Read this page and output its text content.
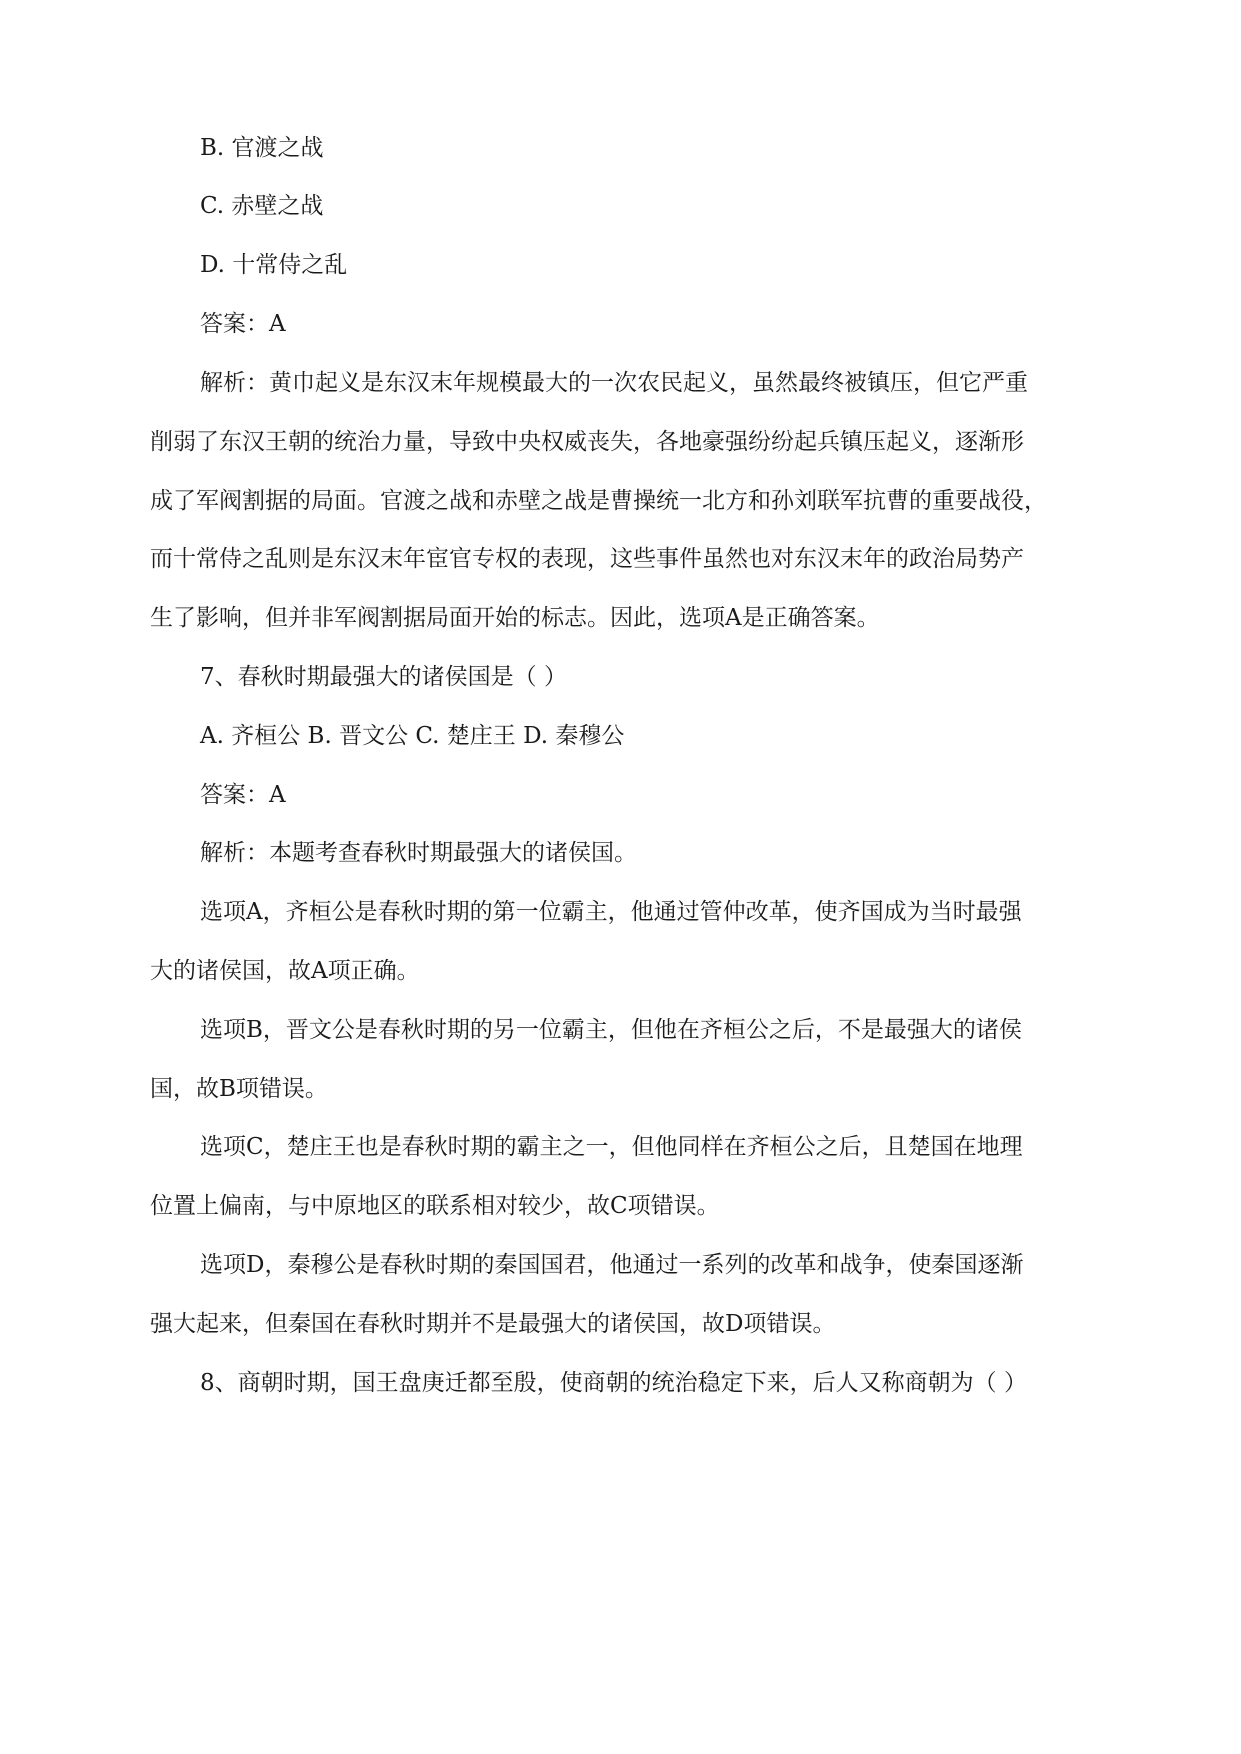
B. 官渡之战
C. 赤壁之战
D. 十常侍之乱
答案：A
解析：黄巾起义是东汉末年规模最大的一次农民起义，虽然最终被镇压，但它严重
削弱了东汉王朝的统治力量，导致中央权威丧失，各地豪强纷纷起兵镇压起义，逐渐形
成了军阀割据的局面。官渡之战和赤壁之战是曹操统一北方和孙刘联军抗曹的重要战役，
而十常侍之乱则是东汉末年宦官专权的表现，这些事件虽然也对东汉末年的政治局势产
生了影响，但并非军阀割据局面开始的标志。因此，选项A是正确答案。
7、春秋时期最强大的诸侯国是（ ）
A. 齐桓公 B. 晋文公 C. 楚庄王 D. 秦穆公
答案：A
解析：本题考查春秋时期最强大的诸侯国。
选项A，齐桓公是春秋时期的第一位霸主，他通过管仲改革，使齐国成为当时最强
大的诸侯国，故A项正确。
选项B，晋文公是春秋时期的另一位霸主，但他在齐桓公之后，不是最强大的诸侯
国，故B项错误。
选项C，楚庄王也是春秋时期的霸主之一，但他同样在齐桓公之后，且楚国在地理
位置上偏南，与中原地区的联系相对较少，故C项错误。
选项D，秦穆公是春秋时期的秦国国君，他通过一系列的改革和战争，使秦国逐渐
强大起来，但秦国在春秋时期并不是最强大的诸侯国，故D项错误。
8、商朝时期，国王盘庚迁都至殷，使商朝的统治稳定下来，后人又称商朝为（ ）
